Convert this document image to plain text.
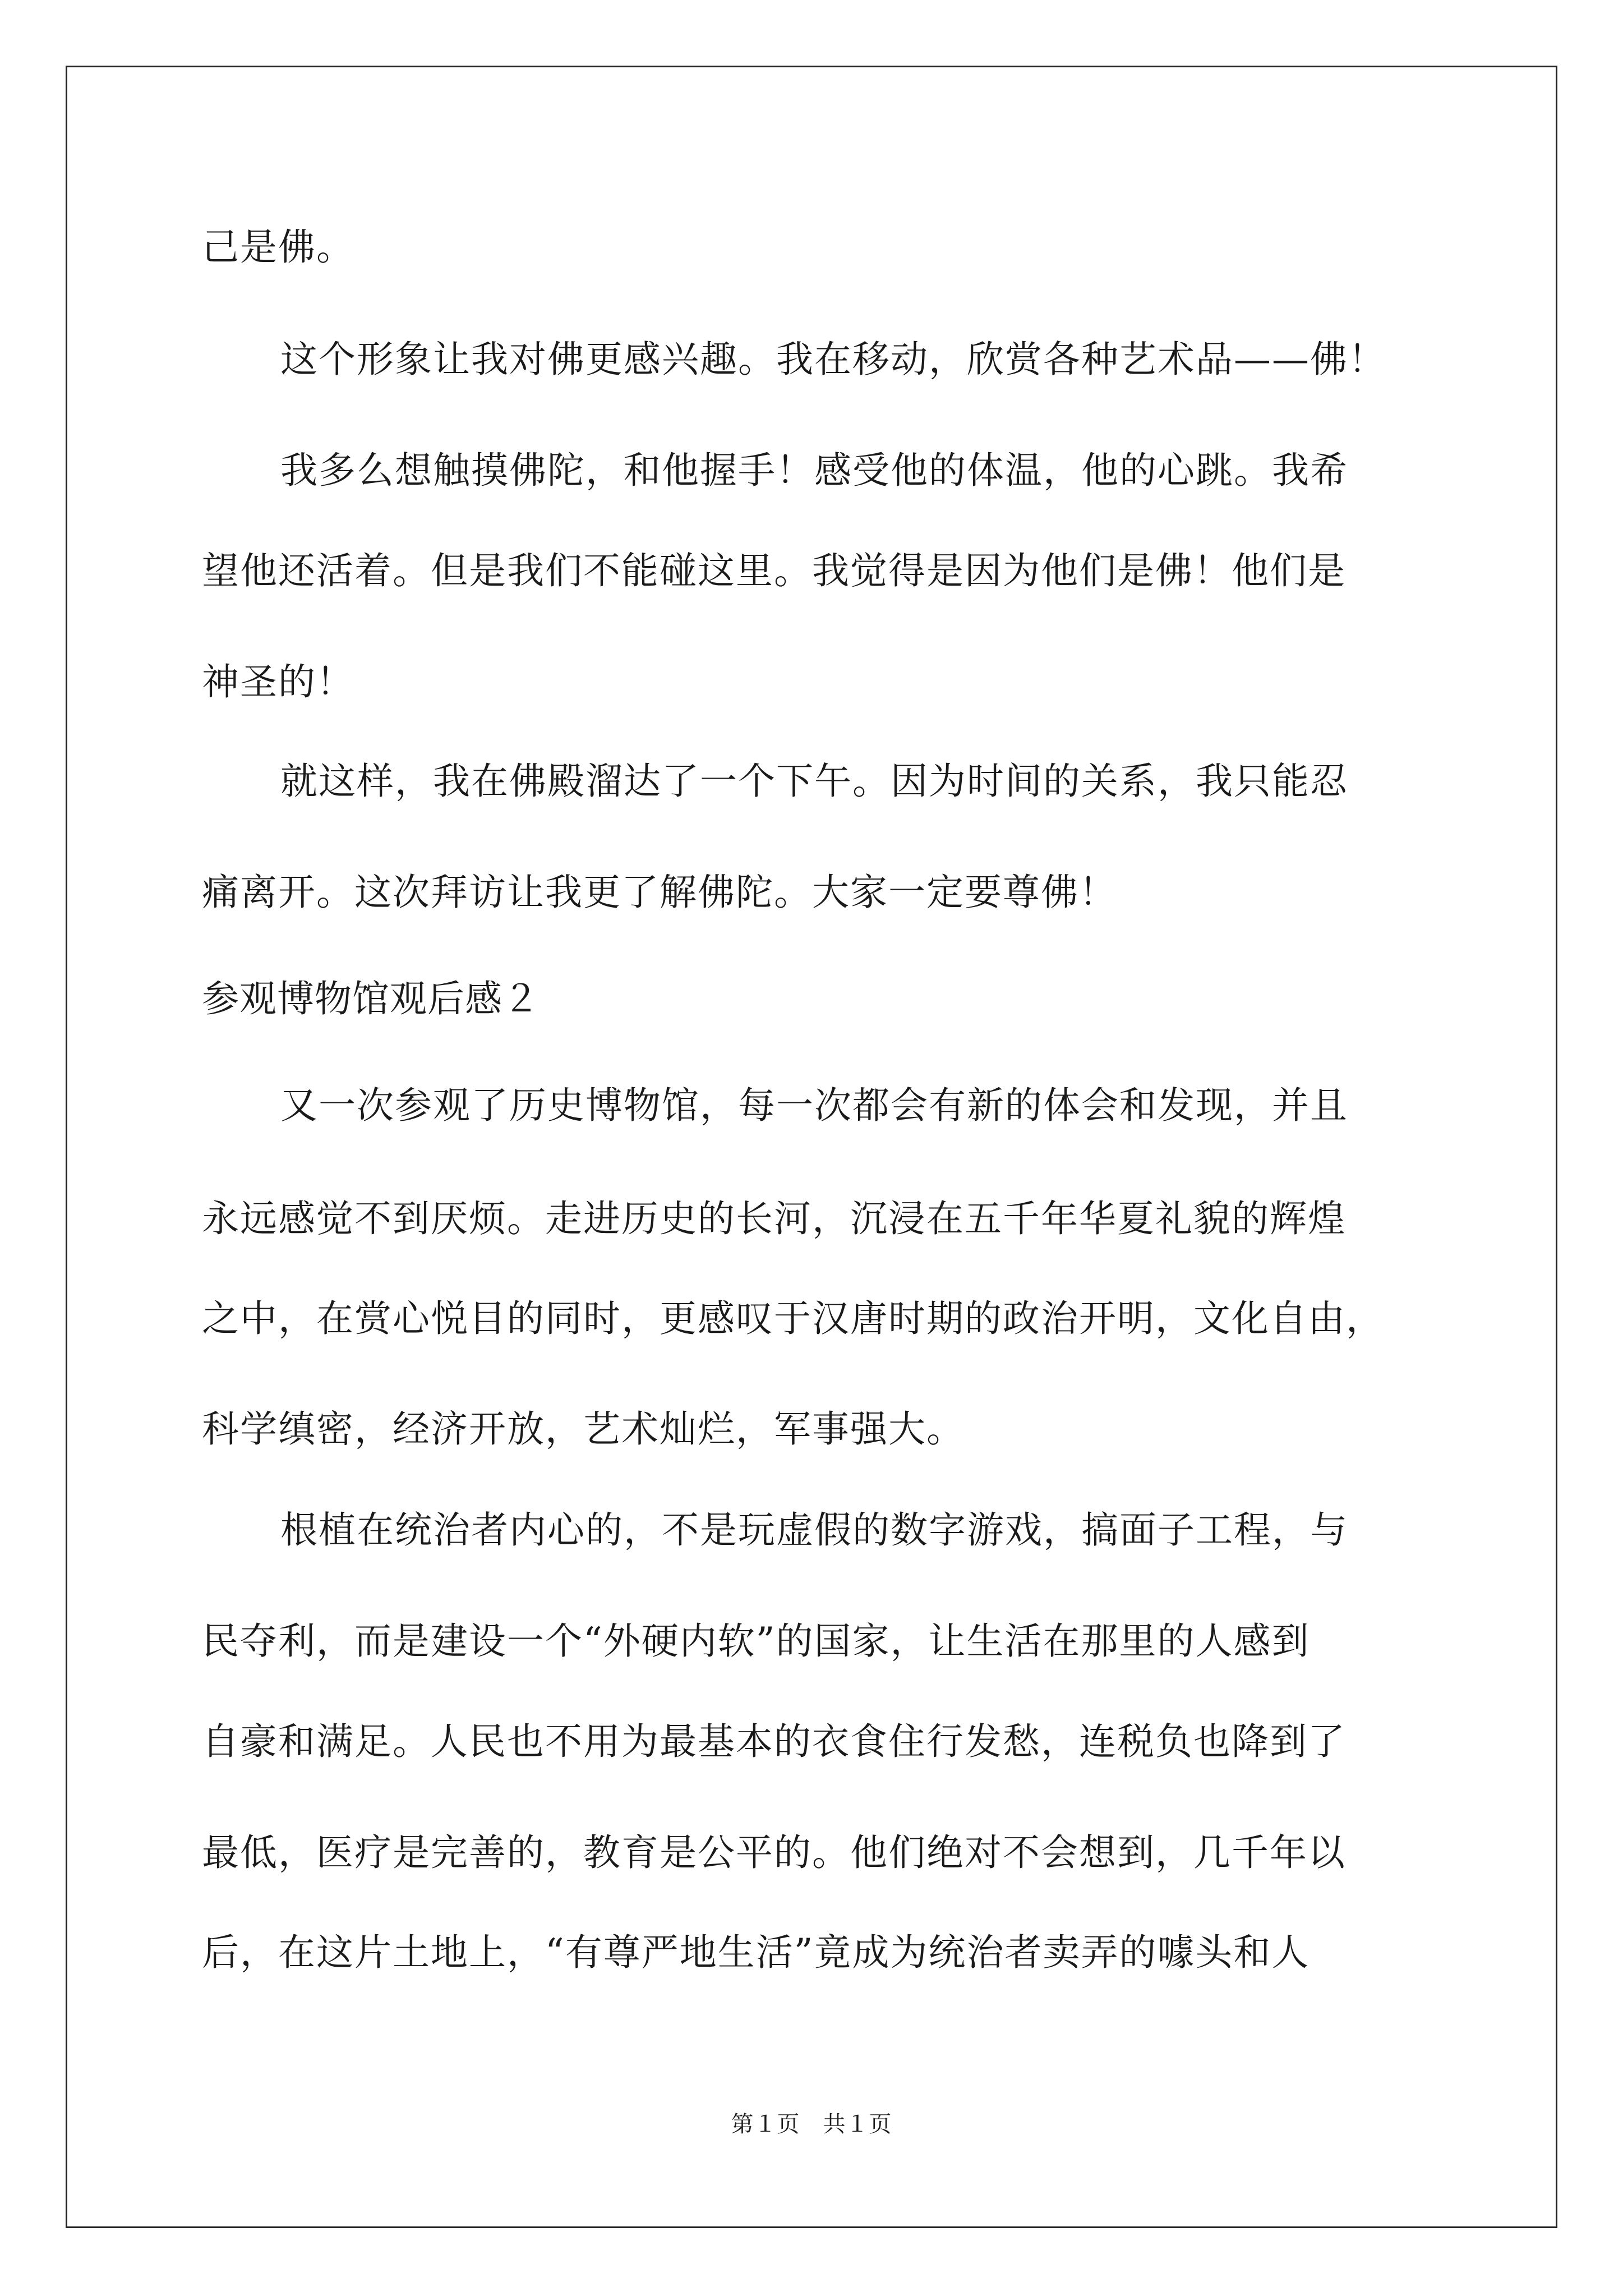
己是佛。
这个形象让我对佛更感兴趣。我在移动，欣赏各种艺术品——佛！
我多么想触摸佛陀，和他握手！感受他的体温，他的心跳。我希
望他还活着。但是我们不能碰这里。我觉得是因为他们是佛！他们是
神圣的！
就这样，我在佛殿溜达了一个下午。因为时间的关系，我只能忍
痛离开。这次拜访让我更了解佛陀。大家一定要尊佛！
参观博物馆观后感２
又一次参观了历史博物馆，每一次都会有新的体会和发现，并且
永远感觉不到厌烦。走进历史的长河，沉浸在五千年华夏礼貌的辉煌
之中，在赏心悦目的同时，更感叹于汉唐时期的政治开明，文化自由，
科学缜密，经济开放，艺术灿烂，军事强大。
根植在统治者内心的，不是玩虚假的数字游戏，搞面子工程，与
民夺利，而是建设一个“外硬内软”的国家，让生活在那里的人感到
自豪和满足。人民也不用为最基本的衣食住行发愁，连税负也降到了
最低，医疗是完善的，教育是公平的。他们绝对不会想到，几千年以
后，在这片土地上，“有尊严地生活”竟成为统治者卖弄的噱头和人
第１页　共１页
